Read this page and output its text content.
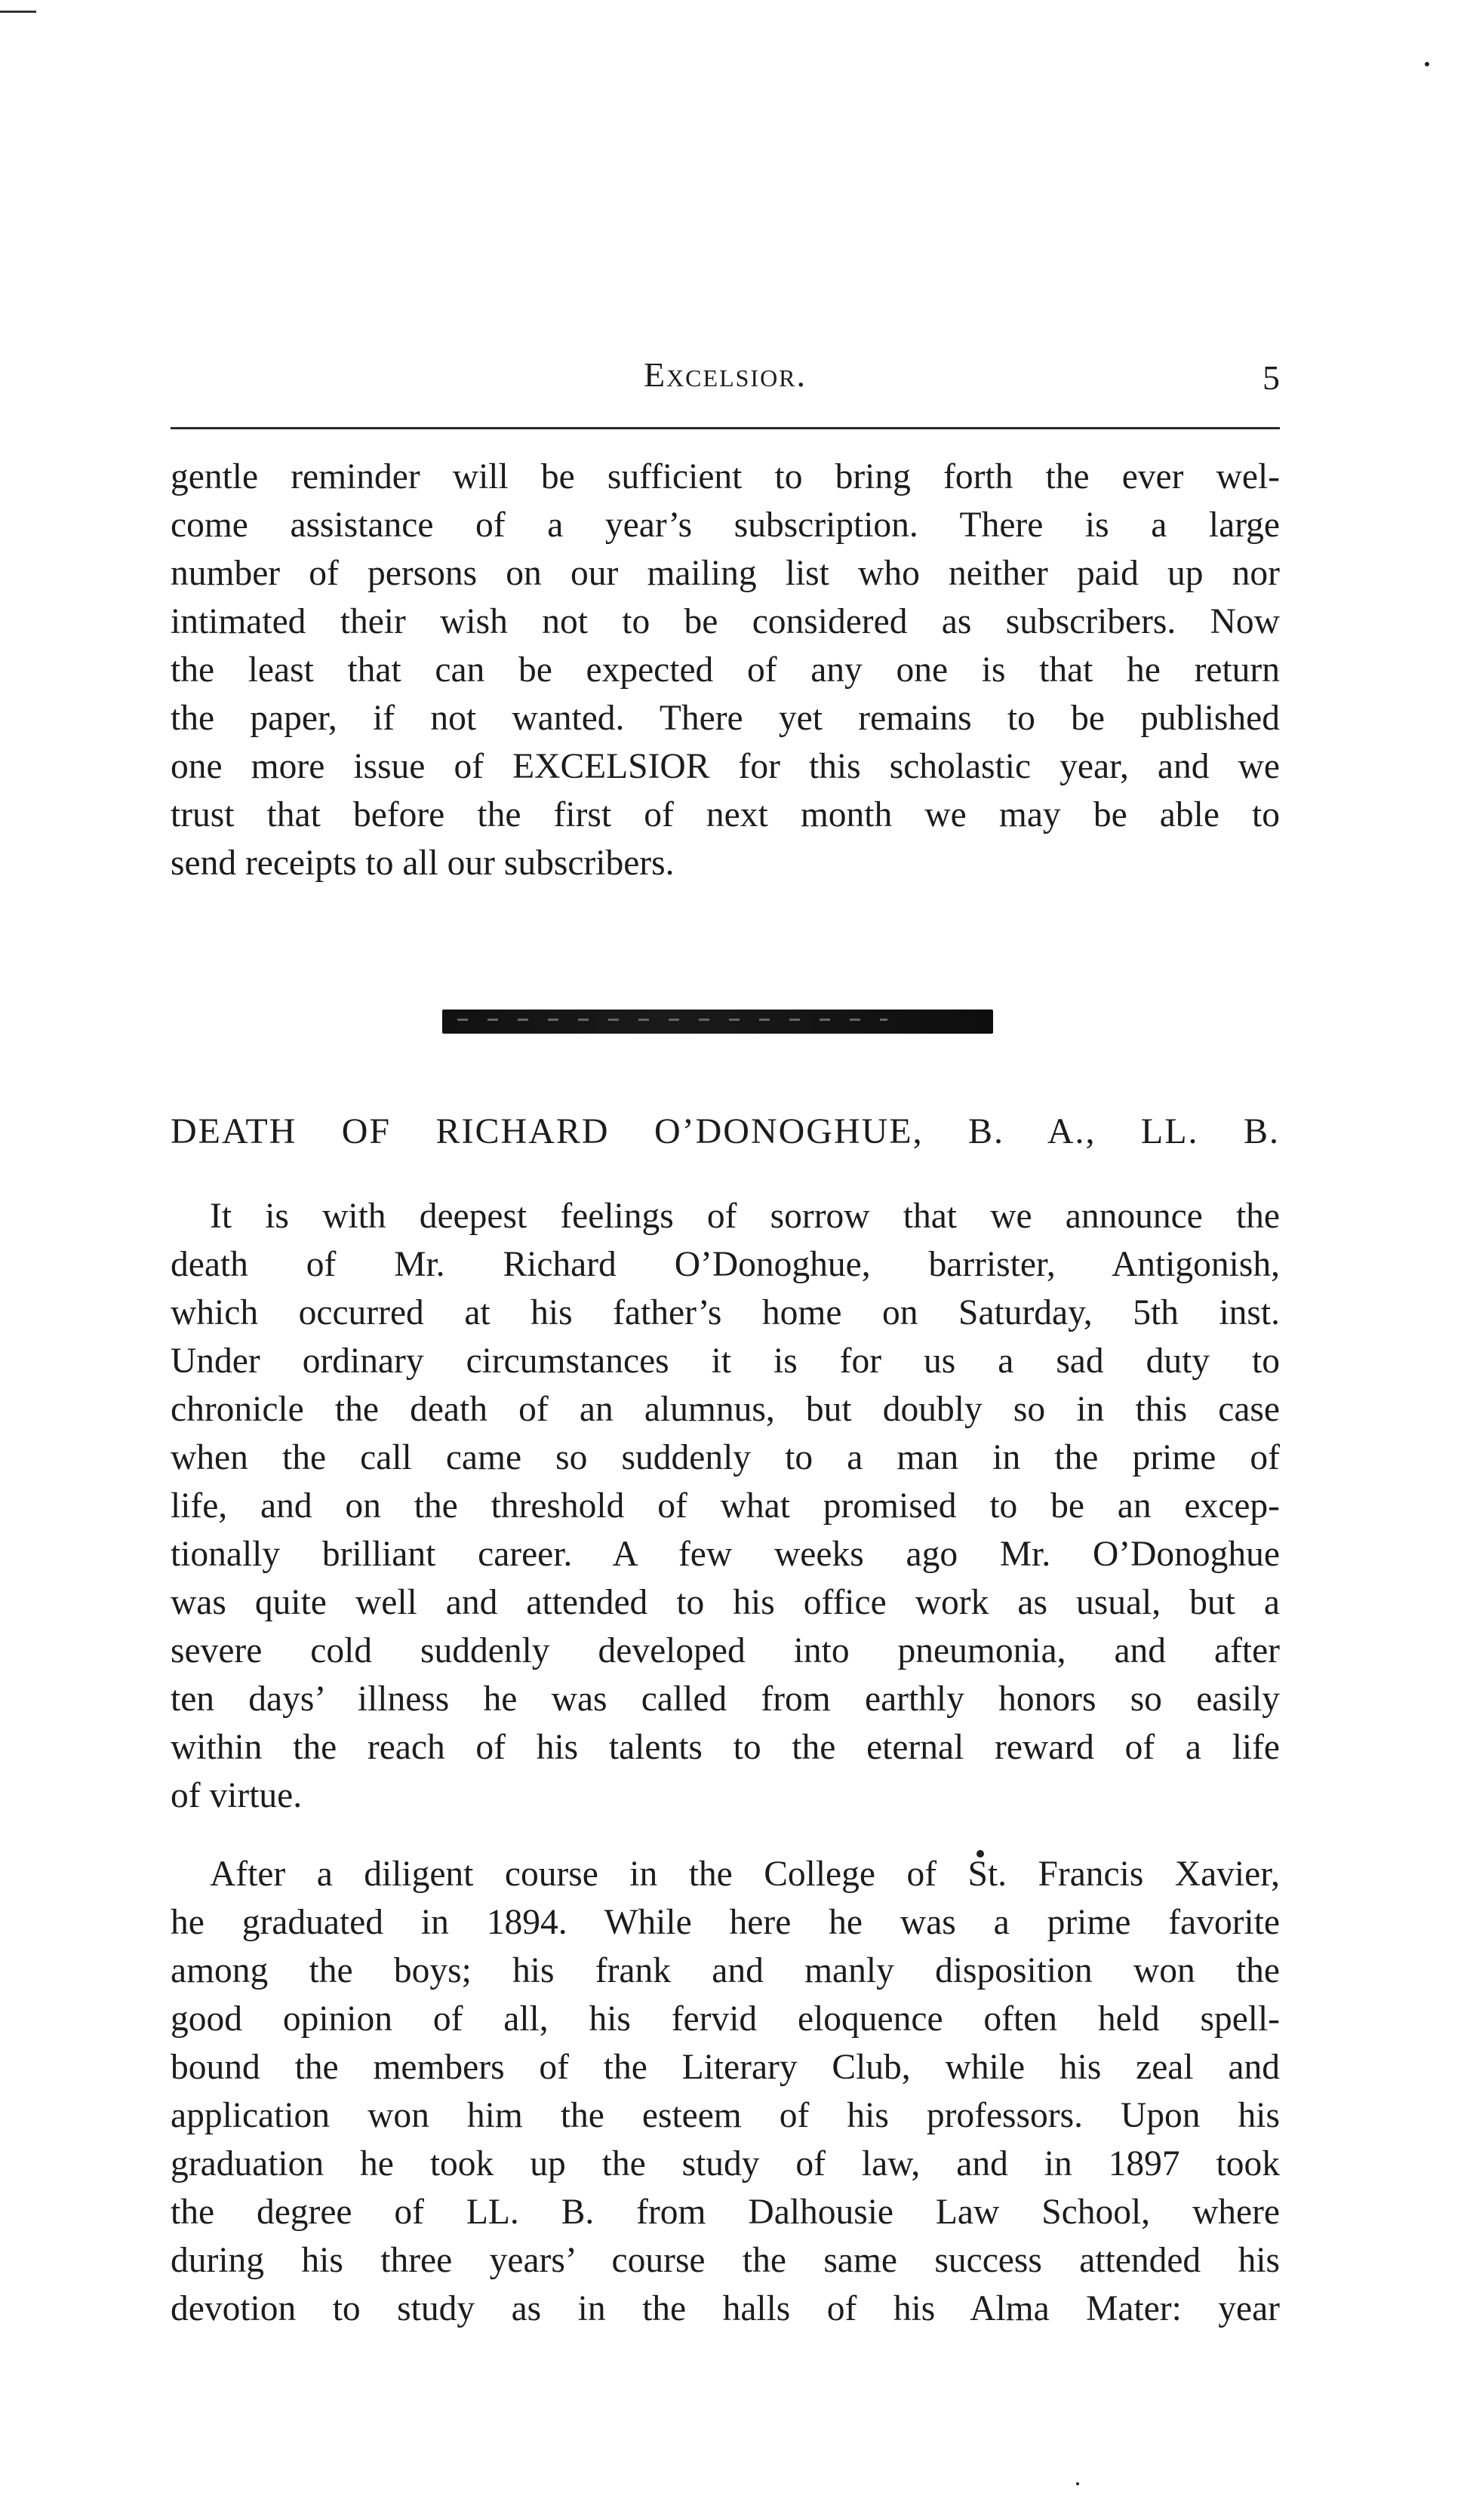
Excelsior.	5
gentle reminder will be sufficient to bring forth the ever wel-
come assistance of a year’s subscription. There is a large
number of persons on our mailing list who neither paid up nor
intimated their wish not to be considered as subscribers. Now
the least that can be expected of any one is that he return
the paper, if not wanted. There yet remains to be published
one more issue of EXCELSIOR for this scholastic year, and we
trust that before the first of next month we may be able to
send receipts to all our subscribers.
DEATH OF RICHARD O’DONOGHUE, B. A., LL. B.
It is with deepest feelings of sorrow that we announce the
death of Mr. Richard O’Donoghue, barrister, Antigonish,
which occurred at his father’s home on Saturday, 5th inst.
Under ordinary circumstances it is for us a sad duty to
chronicle the death of an alumnus, but doubly so in this case
when the call came so suddenly to a man in the prime of
life, and on the threshold of what promised to be an excep-
tionally brilliant career. A few weeks ago Mr. O’Donoghue
was quite well and attended to his office work as usual, but a
severe cold suddenly developed into pneumonia, and after
ten days’ illness he was called from earthly honors so easily
within the reach of his talents to the eternal reward of a life
of virtue.
After a diligent course in the College of St. Francis Xavier,
he graduated in 1894. While here he was a prime favorite
among the boys; his frank and manly disposition won the
good opinion of all, his fervid eloquence often held spell-
bound the members of the Literary Club, while his zeal and
application won him the esteem of his professors. Upon his
graduation he took up the study of law, and in 1897 took
the degree of LL. B. from Dalhousie Law School, where
during his three years’ course the same success attended his
devotion to study as in the halls of his Alma Mater: year
